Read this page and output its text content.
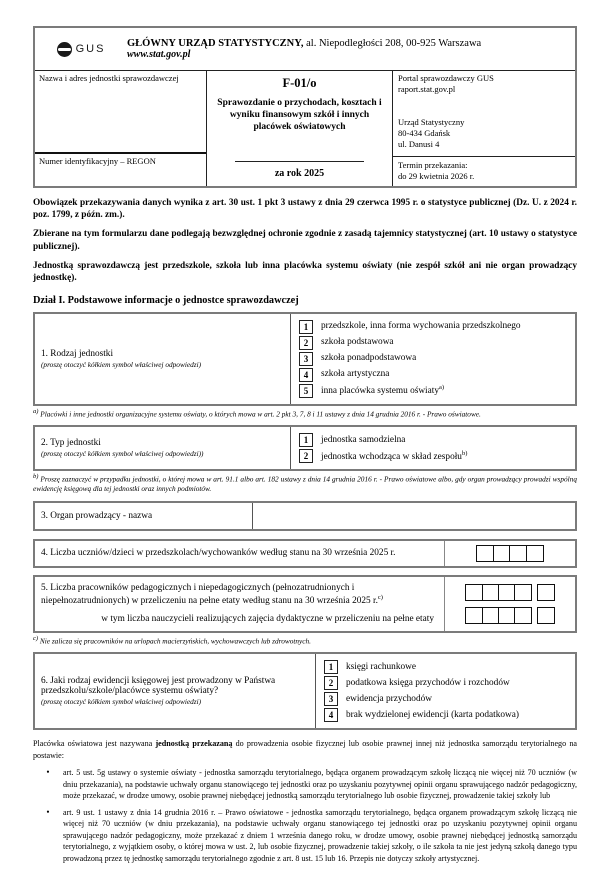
GUS GŁÓWNY URZĄD STATYSTYCZNY, al. Niepodległości 208, 00-925 Warszawa
www.stat.gov.pl
Nazwa i adres jednostki sprawozdawczej
Numer identyfikacyjny – REGON
F-01/o
Sprawozdanie o przychodach, kosztach i wyniku finansowym szkół i innych placówek oświatowych
za rok 2025
Portal sprawozdawczy GUS
raport.stat.gov.pl
Urząd Statystyczny
80-434 Gdańsk
ul. Danusi 4
Termin przekazania:
do 29 kwietnia 2026 r.

Obowiązek przekazywania danych wynika z art. 30 ust. 1 pkt 3 ustawy z dnia 29 czerwca 1995 r. o statystyce publicznej (Dz. U. z 2024 r. poz. 1799, z późn. zm.).

Zbierane na tym formularzu dane podlegają bezwzględnej ochronie zgodnie z zasadą tajemnicy statystycznej (art. 10 ustawy o statystyce publicznej).

Jednostką sprawozdawczą jest przedszkole, szkoła lub inna placówka systemu oświaty (nie zespół szkół ani nie organ prowadzący jednostkę).

Dział I. Podstawowe informacje o jednostce sprawozdawczej
1. Rodzaj jednostki
(proszę otoczyć kółkiem symbol właściwej odpowiedzi)
1	przedszkole, inna forma wychowania przedszkolnego
2	szkoła podstawowa
3	szkoła ponadpodstawowa
4	szkoła artystyczna
5	inna placówka systemu oświaty$^{a)}$
$^{a)}$ Placówki i inne jednostki organizacyjne systemu oświaty, o których mowa w art. 2 pkt 3, 7, 8 i 11 ustawy z dnia 14 grudnia 2016 r. - Prawo oświatowe.
2. Typ jednostki
(proszę otoczyć kółkiem symbol właściwej odpowiedzi))
1	jednostka samodzielna
2	jednostka wchodząca w skład zespołu$^{b)}$
$^{b)}$ Proszę zaznaczyć w przypadku jednostki, o której mowa w art. 91.1 albo art. 182 ustawy z dnia 14 grudnia 2016 r. - Prawo oświatowe albo, gdy organ prowadzący prowadzi wspólną ewidencję księgową dla tej jednostki oraz innych podmiotów.
3. Organ prowadzący - nazwa
4. Liczba uczniów/dzieci w przedszkolach/wychowanków według stanu na 30 września 2025 r.
5. Liczba pracowników pedagogicznych i niepedagogicznych (pełnozatrudnionych i niepełnozatrudnionych) w przeliczeniu na pełne etaty według stanu na 30 września 2025 r.$^{c)}$
w tym liczba nauczycieli realizujących zajęcia dydaktyczne w przeliczeniu na pełne etaty
$^{c)}$ Nie zalicza się pracowników na urlopach macierzyńskich, wychowawczych lub zdrowotnych.
6. Jaki rodzaj ewidencji księgowej jest prowadzony w Państwa przedszkolu/szkole/placówce systemu oświaty?
(proszę otoczyć kółkiem symbol właściwej odpowiedzi)
1	księgi rachunkowe
2	podatkowa księga przychodów i rozchodów
3	ewidencja przychodów
4	brak wydzielonej ewidencji (karta podatkowa)
Placówka oświatowa jest nazywana jednostką przekazaną do prowadzenia osobie fizycznej lub osobie prawnej innej niż jednostka samorządu terytorialnego na postawie:
•	art. 5 ust. 5g ustawy o systemie oświaty - jednostka samorządu terytorialnego, będąca organem prowadzącym szkołę liczącą nie więcej niż 70 uczniów (w dniu przekazania), na podstawie uchwały organu stanowiącego tej jednostki oraz po uzyskaniu pozytywnej opinii organu sprawującego nadzór pedagogiczny, może przekazać, w drodze umowy, osobie prawnej niebędącej jednostką samorządu terytorialnego lub osobie fizycznej, prowadzenie takiej szkoły lub
•	art. 9 ust. 1 ustawy z dnia 14 grudnia 2016 r. – Prawo oświatowe - jednostka samorządu terytorialnego, będąca organem prowadzącym szkołę liczącą nie więcej niż 70 uczniów (w dniu przekazania), na podstawie uchwały organu stanowiącego tej jednostki oraz po uzyskaniu pozytywnej opinii organu sprawującego nadzór pedagogiczny, może przekazać z dniem 1 września danego roku, w drodze umowy, osobie prawnej niebędącej jednostką samorządu terytorialnego, z wyjątkiem osoby, o której mowa w ust. 2, lub osobie fizycznej, prowadzenie takiej szkoły, o ile szkoła ta nie jest jedyną szkołą danego typu prowadzoną przez tę jednostkę samorządu terytorialnego zgodnie z art. 8 ust. 15 lub 16. Przepis nie dotyczy szkoły artystycznej.
